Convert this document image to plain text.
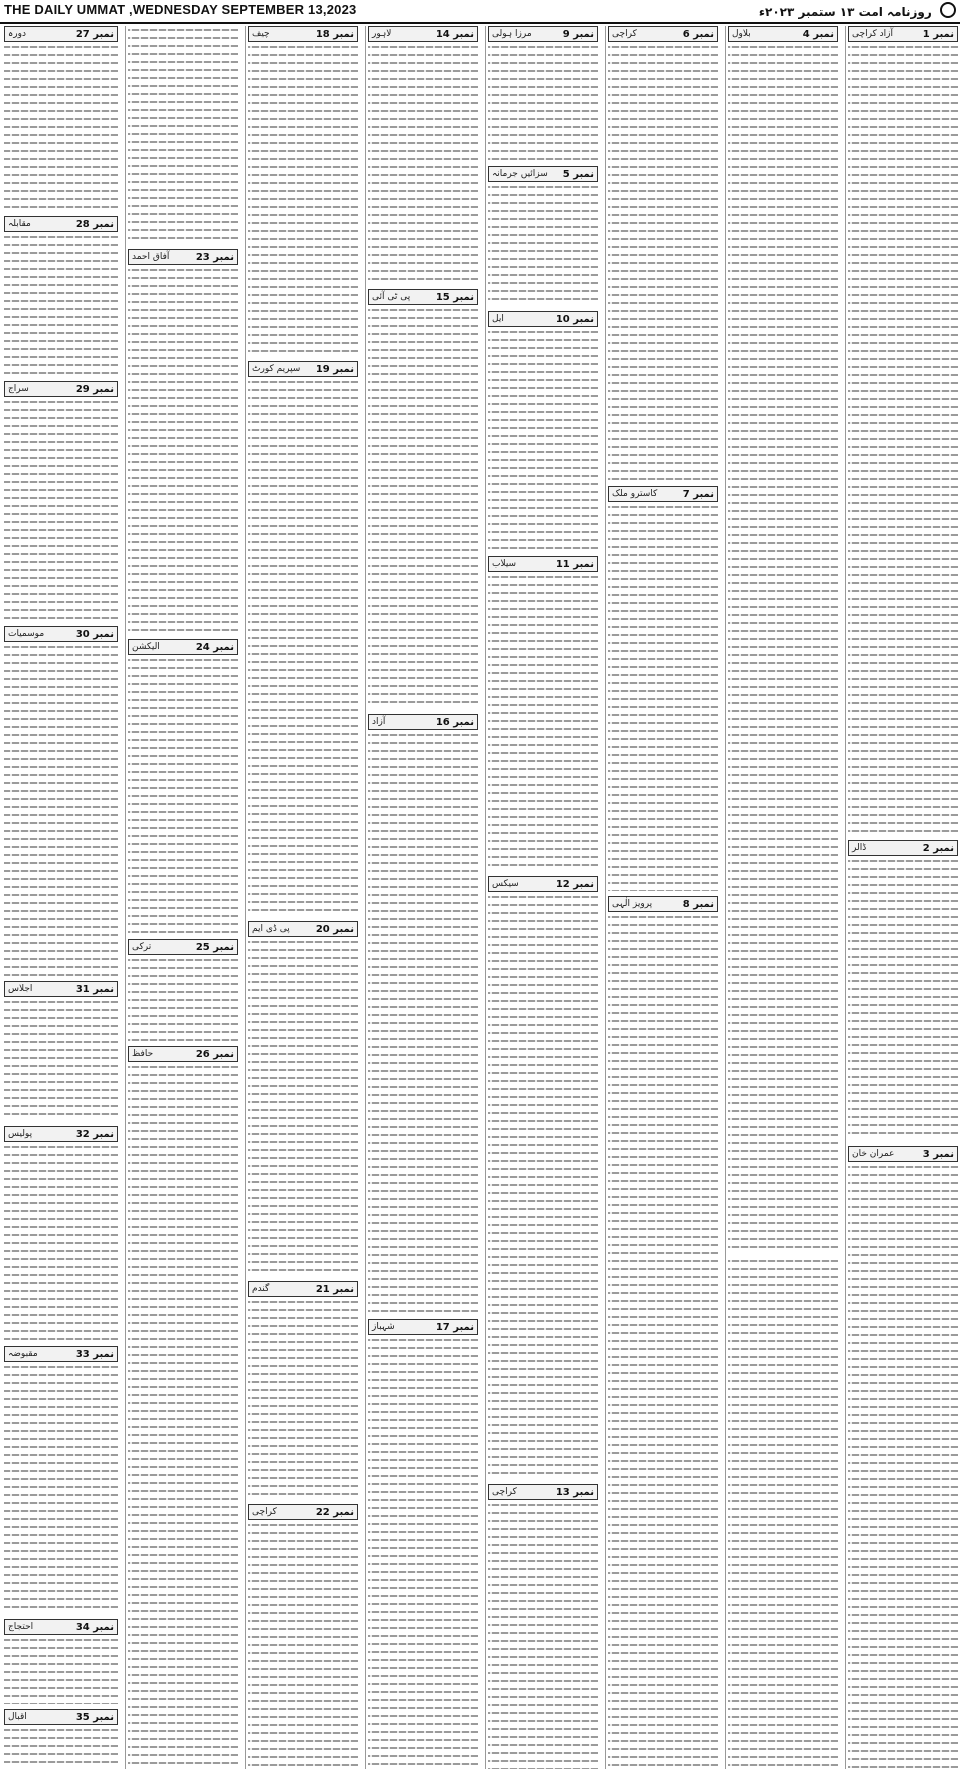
THE DAILY UMMAT ,WEDNESDAY SEPTEMBER 13,2023	روزنامہ امت ۱۳ ستمبر ۲۰۲۳ء
نمبر 1
آزاد کراچی
نمبر 2
ڈالر
نمبر 3
عمران خان
نمبر 4
بلاول
نمبر 6
کراچی
نمبر 7
کاسترو ملک
نمبر 8
پرویز الٰہی
نمبر 9
مرزا ہولی
نمبر 5
سزائیں جرمانہ
نمبر 10
ایل
نمبر 11
سیلاب
نمبر 12
سیکس
نمبر 13
کراچی
نمبر 14
لاہور
نمبر 15
پی ٹی آئی
نمبر 16
آزاد
نمبر 17
شہباز
نمبر 18
چیف
نمبر 19
سپریم کورٹ
نمبر 20
پی ڈی ایم
نمبر 21
گندم
نمبر 22
کراچی
نمبر 23
آفاق احمد
نمبر 24
الیکشن
نمبر 25
ترکی
نمبر 26
حافظ
نمبر 27
دورہ
نمبر 28
مقابلہ
نمبر 29
سراج
نمبر 30
موسمیات
نمبر 31
اجلاس
نمبر 32
پولیس
نمبر 33
مقبوضہ
نمبر 34
احتجاج
نمبر 35
اقبال
